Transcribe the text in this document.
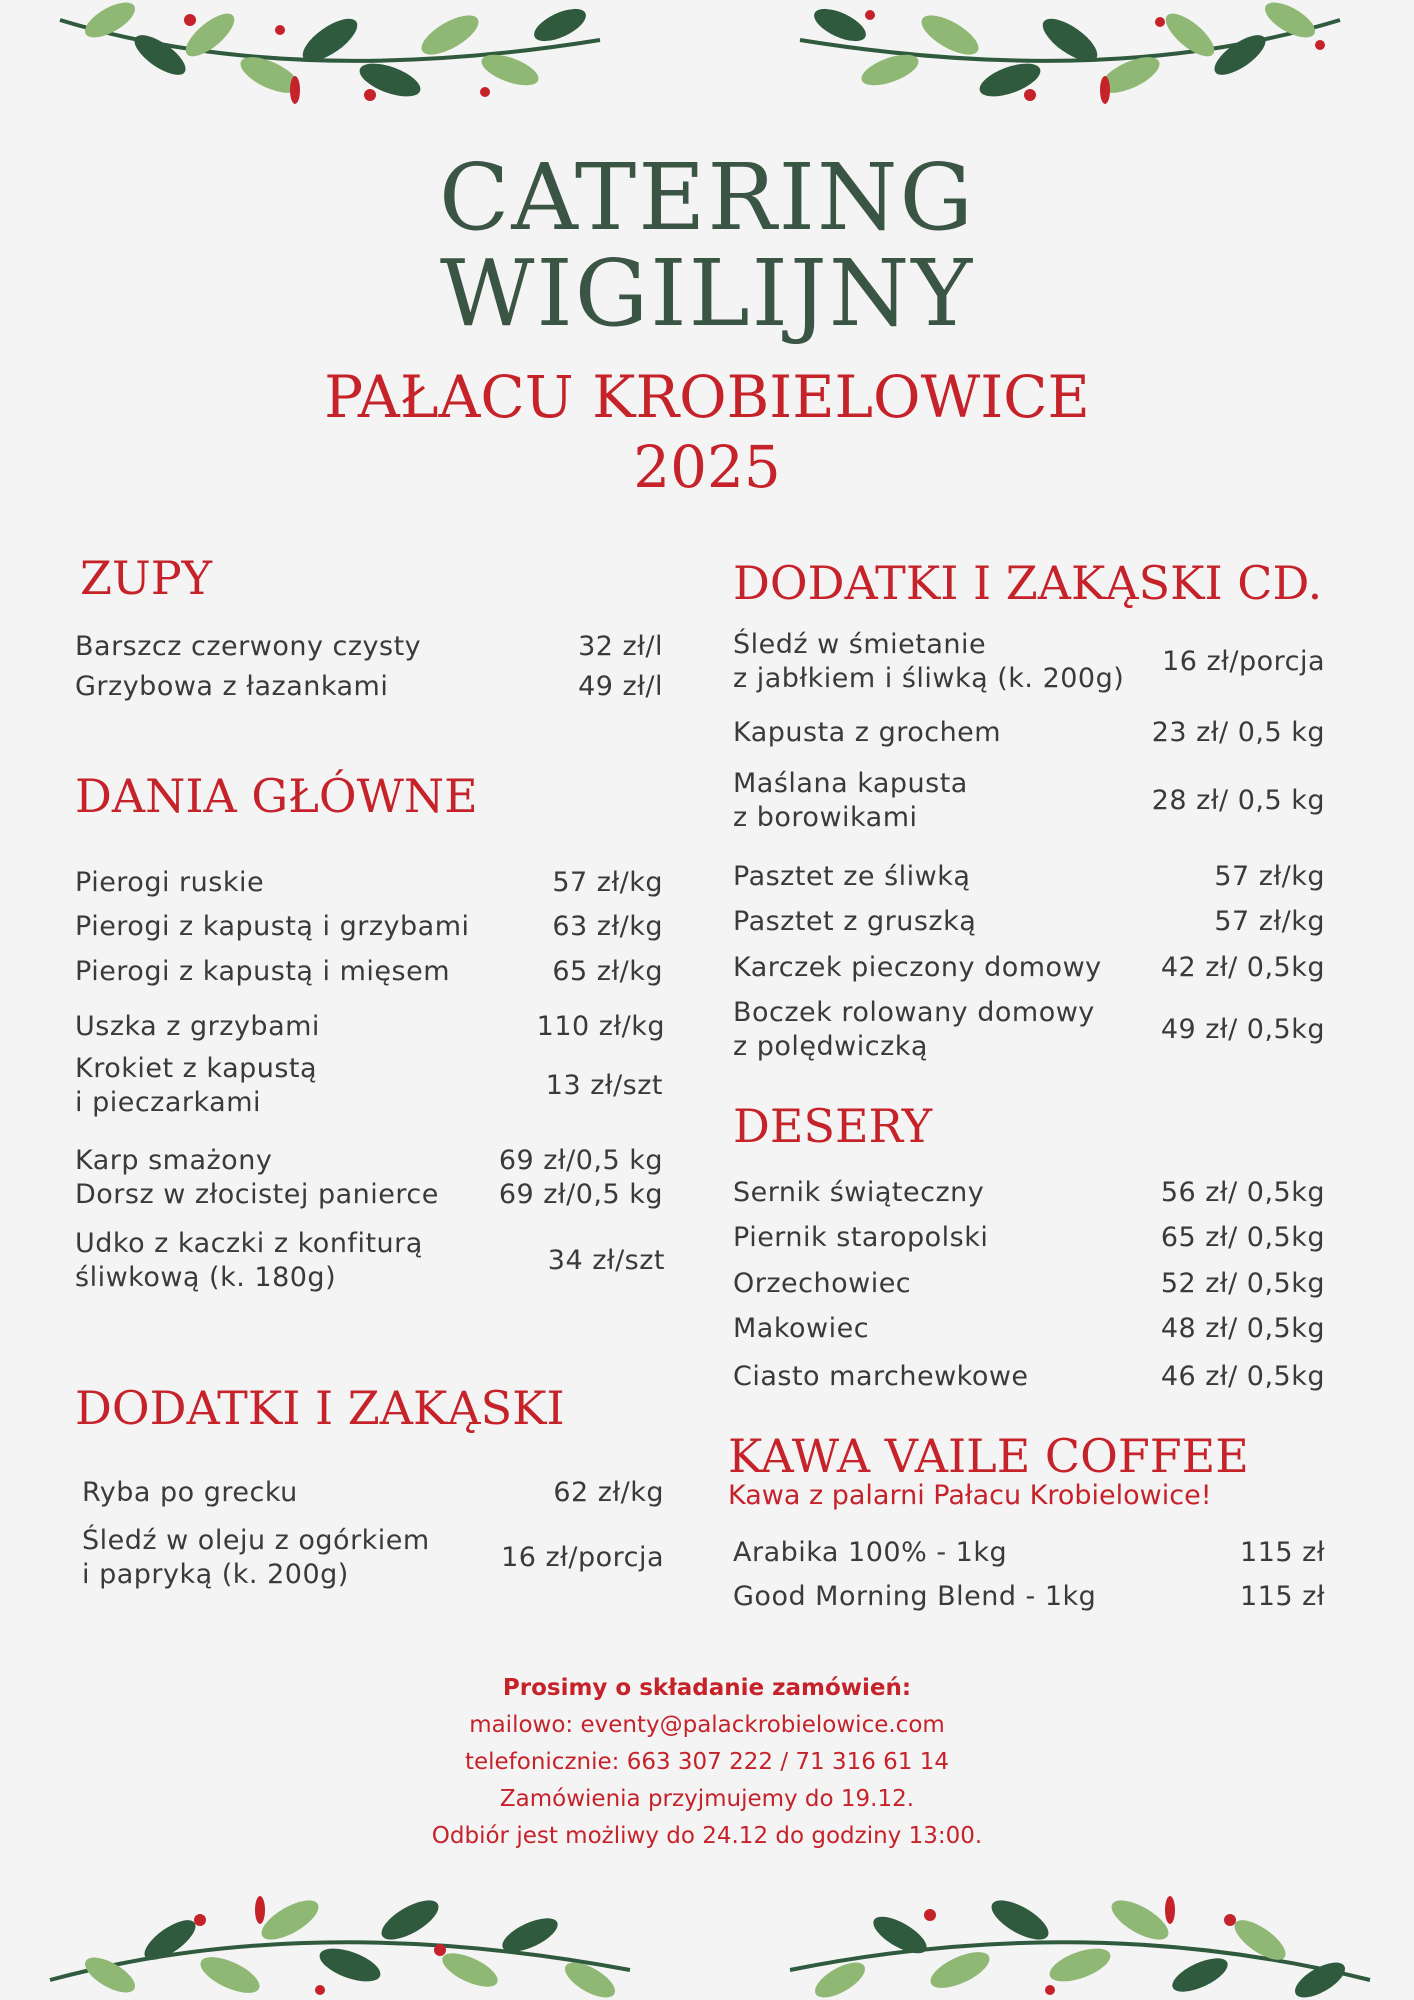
CATERING
WIGILIJNY
PAŁACU KROBIELOWICE
2025
ZUPY
DANIA GŁÓWNE
DODATKI I ZAKĄSKI
DODATKI I ZAKĄSKI CD.
DESERY
KAWA VAILE COFFEE
Kawa z palarni Pałacu Krobielowice!
Barszcz czerwony czysty	32 zł/l
Grzybowa z łazankami	49 zł/l
Pierogi ruskie	57 zł/kg
Pierogi z kapustą i grzybami	63 zł/kg
Pierogi z kapustą i mięsem	65 zł/kg
Uszka z grzybami	110 zł/kg
Krokiet z kapustą
i pieczarkami
13 zł/szt
Karp smażony	69 zł/0,5 kg
Dorsz w złocistej panierce 69 zł/0,5 kg
Udko z kaczki z konfiturą
śliwkową (k. 180g)
34 zł/szt
Ryba po grecku	62 zł/kg
Śledź w oleju z ogórkiem
i papryką (k. 200g)
16 zł/porcja
Śledź w śmietanie
z jabłkiem i śliwką (k. 200g)
16 zł/porcja
Kapusta z grochem	23 zł/ 0,5 kg
Maślana kapusta
z borowikami
28 zł/ 0,5 kg
Pasztet ze śliwką	57 zł/kg
Pasztet z gruszką	57 zł/kg
Karczek pieczony domowy 42 zł/ 0,5kg
Boczek rolowany domowy
z polędwiczką
49 zł/ 0,5kg
Sernik świąteczny	56 zł/ 0,5kg
Piernik staropolski	65 zł/ 0,5kg
Orzechowiec	52 zł/ 0,5kg
Makowiec	48 zł/ 0,5kg
Ciasto marchewkowe	46 zł/ 0,5kg
Arabika 100% - 1kg	115 zł
Good Morning Blend - 1kg	115 zł
Prosimy o składanie zamówień:
mailowo: eventy@palackrobielowice.com
telefonicznie: 663 307 222 / 71 316 61 14
Zamówienia przyjmujemy do 19.12.
Odbiór jest możliwy do 24.12 do godziny 13:00.
